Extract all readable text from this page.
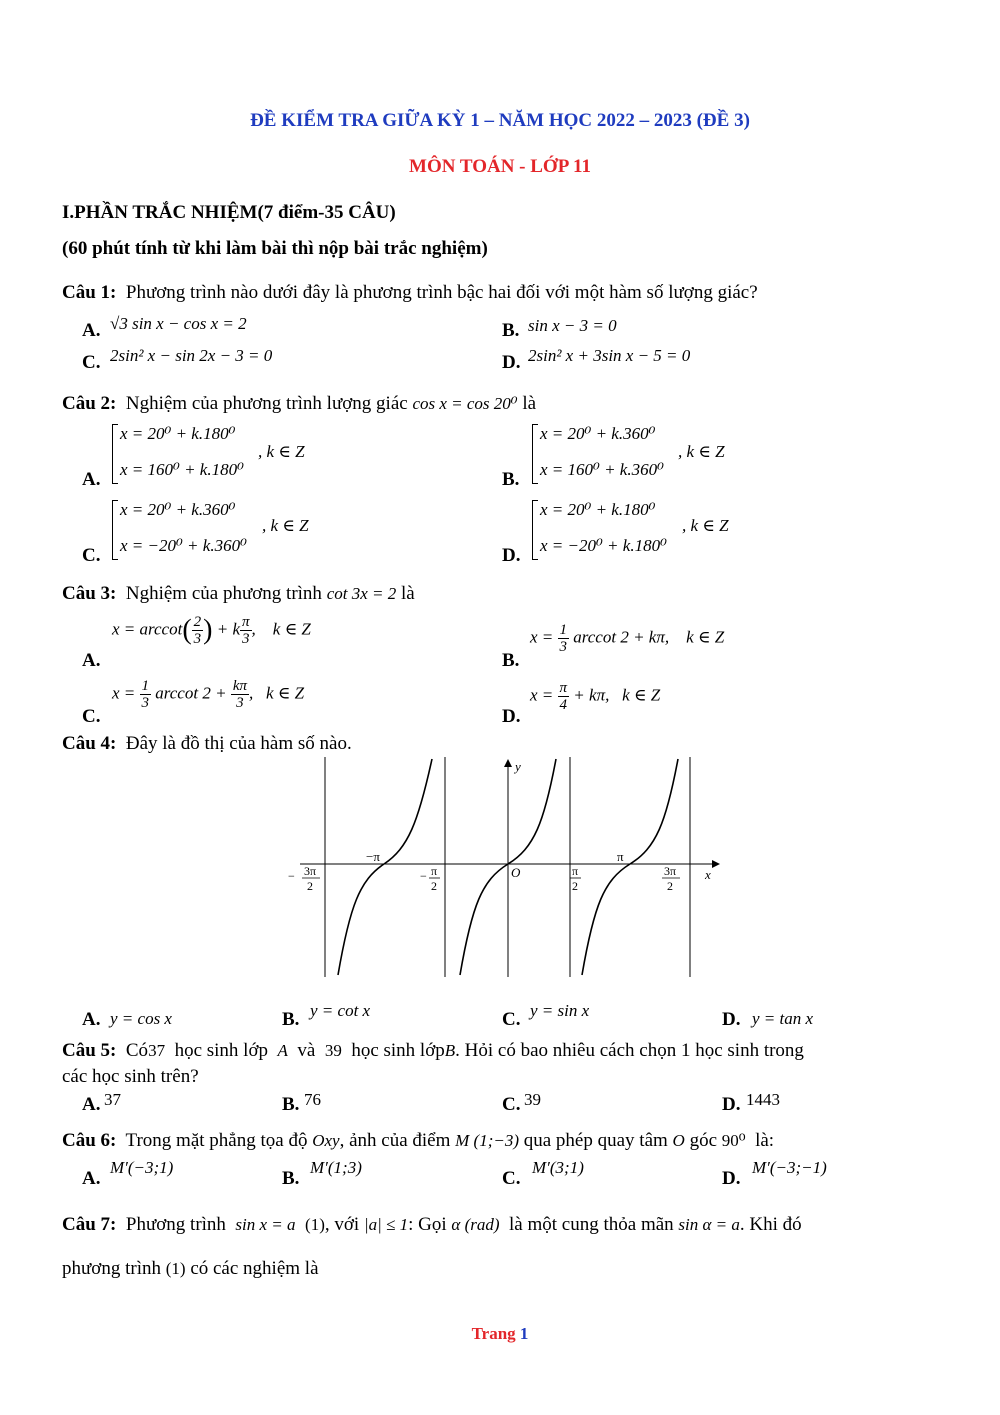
ĐỀ KIỂM TRA GIỮA KỲ 1 – NĂM HỌC 2022 – 2023 (ĐỀ 3)
MÔN TOÁN - LỚP 11
I.PHẦN TRẮC NHIỆM(7 điểm-35 CÂU)
(60 phút tính từ khi làm bài thì nộp bài trắc nghiệm)
Câu 1: Phương trình nào dưới đây là phương trình bậc hai đối với một hàm số lượng giác?
A. √3 sin x − cos x = 2	B. sin x − 3 = 0
C. 2sin² x − sin 2x − 3 = 0	D. 2sin² x + 3sin x − 5 = 0
Câu 2: Nghiệm của phương trình lượng giác cos x = cos 20⁰ là
x = 20⁰ + k.180⁰
x = 160⁰ + k.180⁰
, k ∈ Z
A.
x = 20⁰ + k.360⁰
x = 160⁰ + k.360⁰
, k ∈ Z
B.
x = 20⁰ + k.360⁰
x = −20⁰ + k.360⁰
, k ∈ Z
C.
x = 20⁰ + k.180⁰
x = −20⁰ + k.180⁰
, k ∈ Z
D.
Câu 3: Nghiệm của phương trình cot 3x = 2 là
$x = arccot( \frac{2}{3}$ ) + k $\frac{\pi}{3}$ ,    k ∈ Z
A.
$x = \frac{1}{3}$ arccot 2 + kπ,    k ∈ Z
B.
$x = \frac{1}{3}$ arccot $2 + \frac{k\pi}{3}$ ,   k ∈ Z
C.
$x = \frac{\pi}{4} + k\pi$,   k ∈ Z
D.
Câu 4: Đây là đồ thị của hàm số nào.
y
x
O
−π	π
− 3π
2
− π
2
π
2
3π
2
A. y = cos x	B. y = cot x	C. y = sin x	D. y = tan x
Câu 5: Có37 học sinh lớp A và 39 học sinh lớpB. Hỏi có bao nhiêu cách chọn 1 học sinh trong
các học sinh trên?
A. 37	B. 76	C. 39	D. 1443
Câu 6: Trong mặt phẳng tọa độ Oxy, ảnh của điểm M (1;−3) qua phép quay tâm O góc 90⁰ là:
A.
M′(−3;1)
B.
M′(1;3)
C.
M′(3;1)
D.
M′(−3;−1)
Câu 7: Phương trình sin x = a (1), với |a| ≤ 1: Gọi α (rad) là một cung thỏa mãn sin α = a. Khi đó
phương trình (1) có các nghiệm là
Trang 1
